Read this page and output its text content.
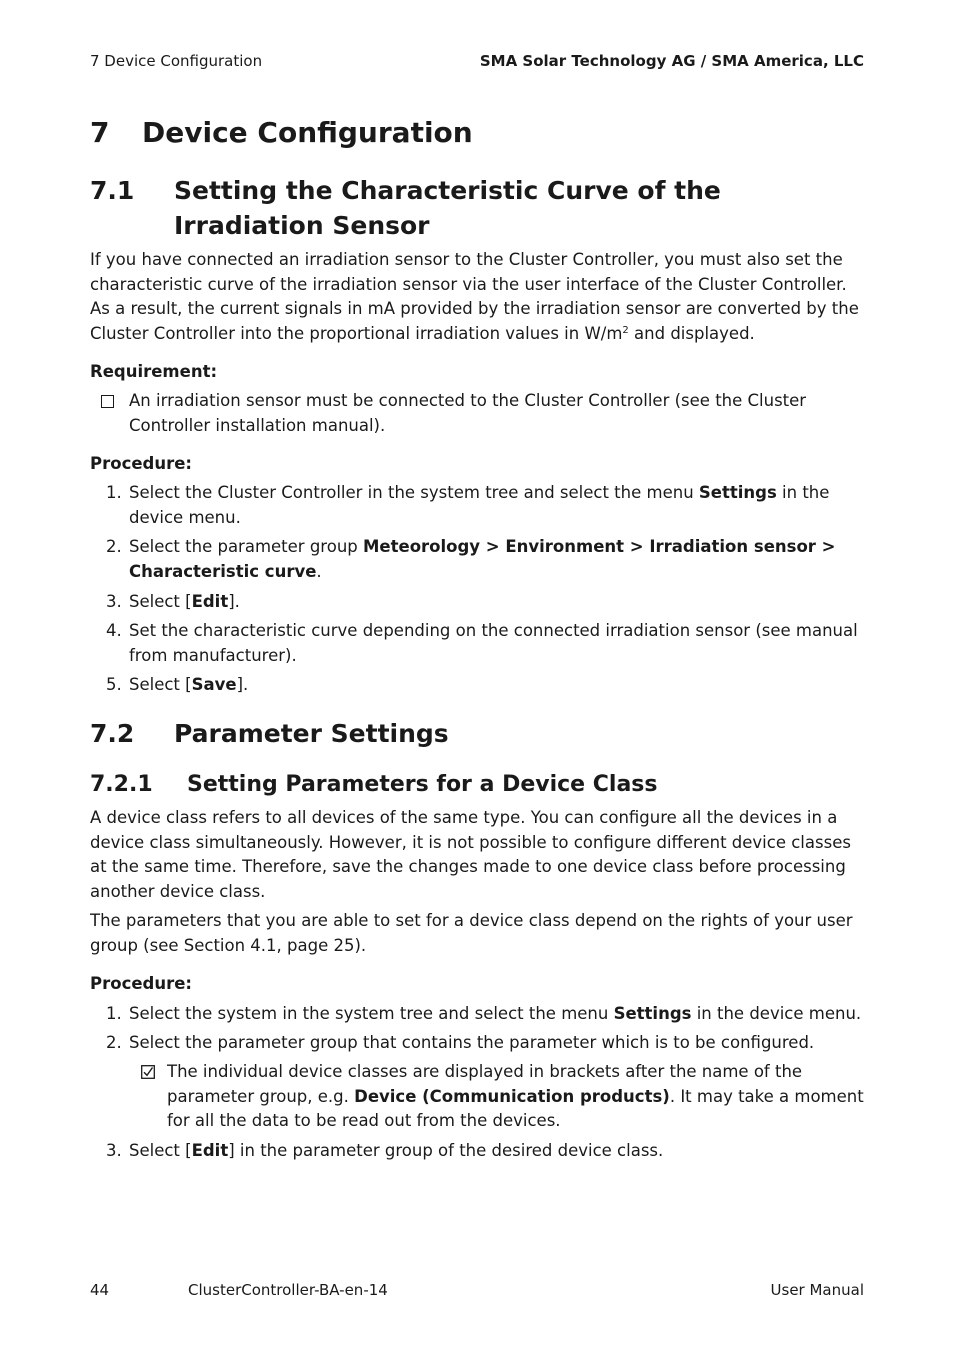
7 Device Configuration	SMA Solar Technology AG / SMA America, LLC
7 Device Configuration
7.1 Setting the Characteristic Curve of the Irradiation Sensor

If you have connected an irradiation sensor to the Cluster Controller, you must also set the characteristic curve of the irradiation sensor via the user interface of the Cluster Controller. As a result, the current signals in mA provided by the irradiation sensor are converted by the Cluster Controller into the proportional irradiation values in $W/m^2$ and displayed.

Requirement:
An irradiation sensor must be connected to the Cluster Controller (see the Cluster Controller installation manual).
Procedure:
1. Select the Cluster Controller in the system tree and select the menu Settings in the device menu.
2. Select the parameter group Meteorology > Environment > Irradiation sensor > Characteristic curve.
3. Select [Edit].
4. Set the characteristic curve depending on the connected irradiation sensor (see manual from manufacturer).
5. Select [Save].
7.2 Parameter Settings
7.2.1 Setting Parameters for a Device Class

A device class refers to all devices of the same type. You can configure all the devices in a device class simultaneously. However, it is not possible to configure different device classes at the same time. Therefore, save the changes made to one device class before processing another device class.

The parameters that you are able to set for a device class depend on the rights of your user group (see Section 4.1, page 25).

Procedure:
1. Select the system in the system tree and select the menu Settings in the device menu.
2. Select the parameter group that contains the parameter which is to be configured.
The individual device classes are displayed in brackets after the name of the parameter group, e.g. Device (Communication products). It may take a moment for all the data to be read out from the devices.
3. Select [Edit] in the parameter group of the desired device class.
44	ClusterController-BA-en-14	User Manual
